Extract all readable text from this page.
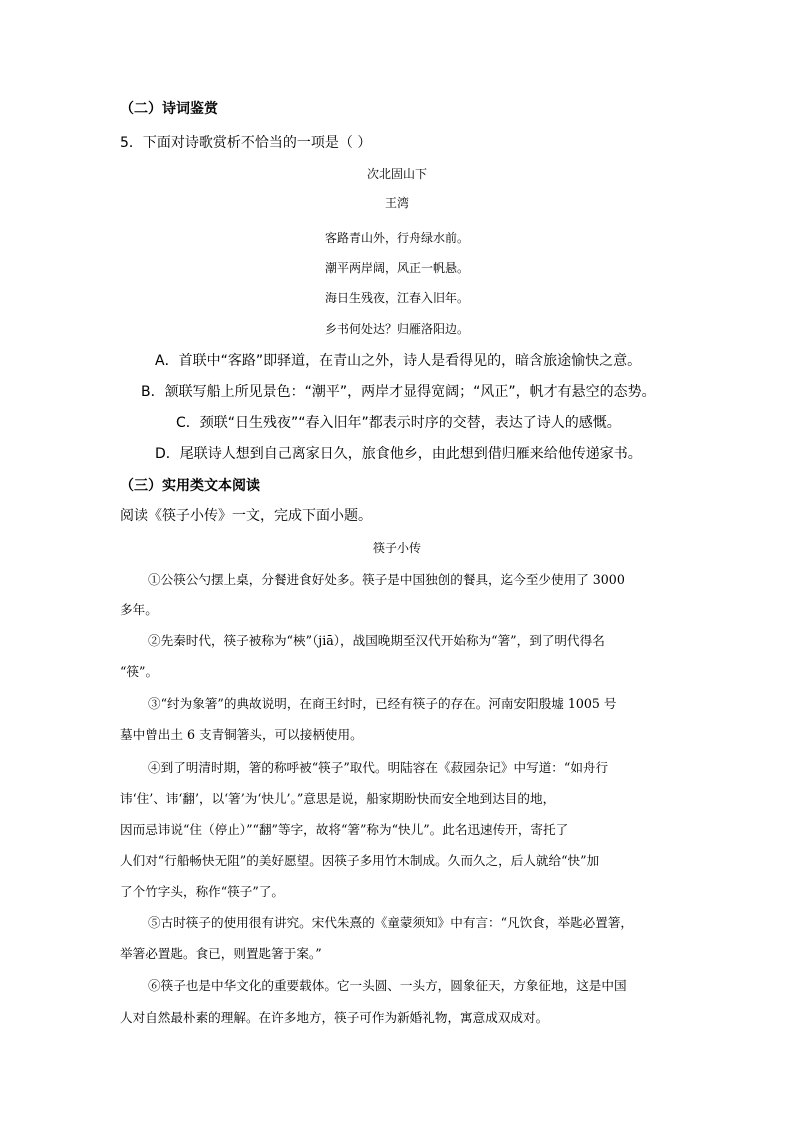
（二）诗词鉴赏
5．下面对诗歌赏析不恰当的一项是（ ）
次北固山下
王湾
客路青山外，行舟绿水前。
潮平两岸阔，风正一帆悬。
海日生残夜，江春入旧年。
乡书何处达？归雁洛阳边。
A．首联中“客路”即驿道，在青山之外，诗人是看得见的，暗含旅途愉快之意。
B．颔联写船上所见景色：“潮平”，两岸才显得宽阔；“风正”，帆才有悬空的态势。
C．颈联“日生残夜”“春入旧年”都表示时序的交替，表达了诗人的感慨。
D．尾联诗人想到自己离家日久，旅食他乡，由此想到借归雁来给他传递家书。
（三）实用类文本阅读
阅读《筷子小传》一文，完成下面小题。
筷子小传
①公筷公勺摆上桌，分餐进食好处多。筷子是中国独创的餐具，迄今至少使用了 3000
多年。
②先秦时代，筷子被称为“梜”（jiā），战国晚期至汉代开始称为“箸”，到了明代得名
“筷”。
③“纣为象箸”的典故说明，在商王纣时，已经有筷子的存在。河南安阳殷墟 1005 号
墓中曾出土 6 支青铜箸头，可以接柄使用。
④到了明清时期，箸的称呼被“筷子”取代。明陆容在《菽园杂记》中写道：“如舟行
讳‘住’、讳‘翻’，以‘箸’为‘快儿’。”意思是说，船家期盼快而安全地到达目的地，
因而忌讳说“住（停止）”“翻”等字，故将“箸”称为“快儿”。此名迅速传开，寄托了
人们对“行船畅快无阻”的美好愿望。因筷子多用竹木制成。久而久之，后人就给“快”加
了个竹字头，称作“筷子”了。
⑤古时筷子的使用很有讲究。宋代朱熹的《童蒙须知》中有言：“凡饮食，举匙必置箸，
举箸必置匙。食已，则置匙箸于案。”
⑥筷子也是中华文化的重要载体。它一头圆、一头方，圆象征天，方象征地，这是中国
人对自然最朴素的理解。在许多地方，筷子可作为新婚礼物，寓意成双成对。
